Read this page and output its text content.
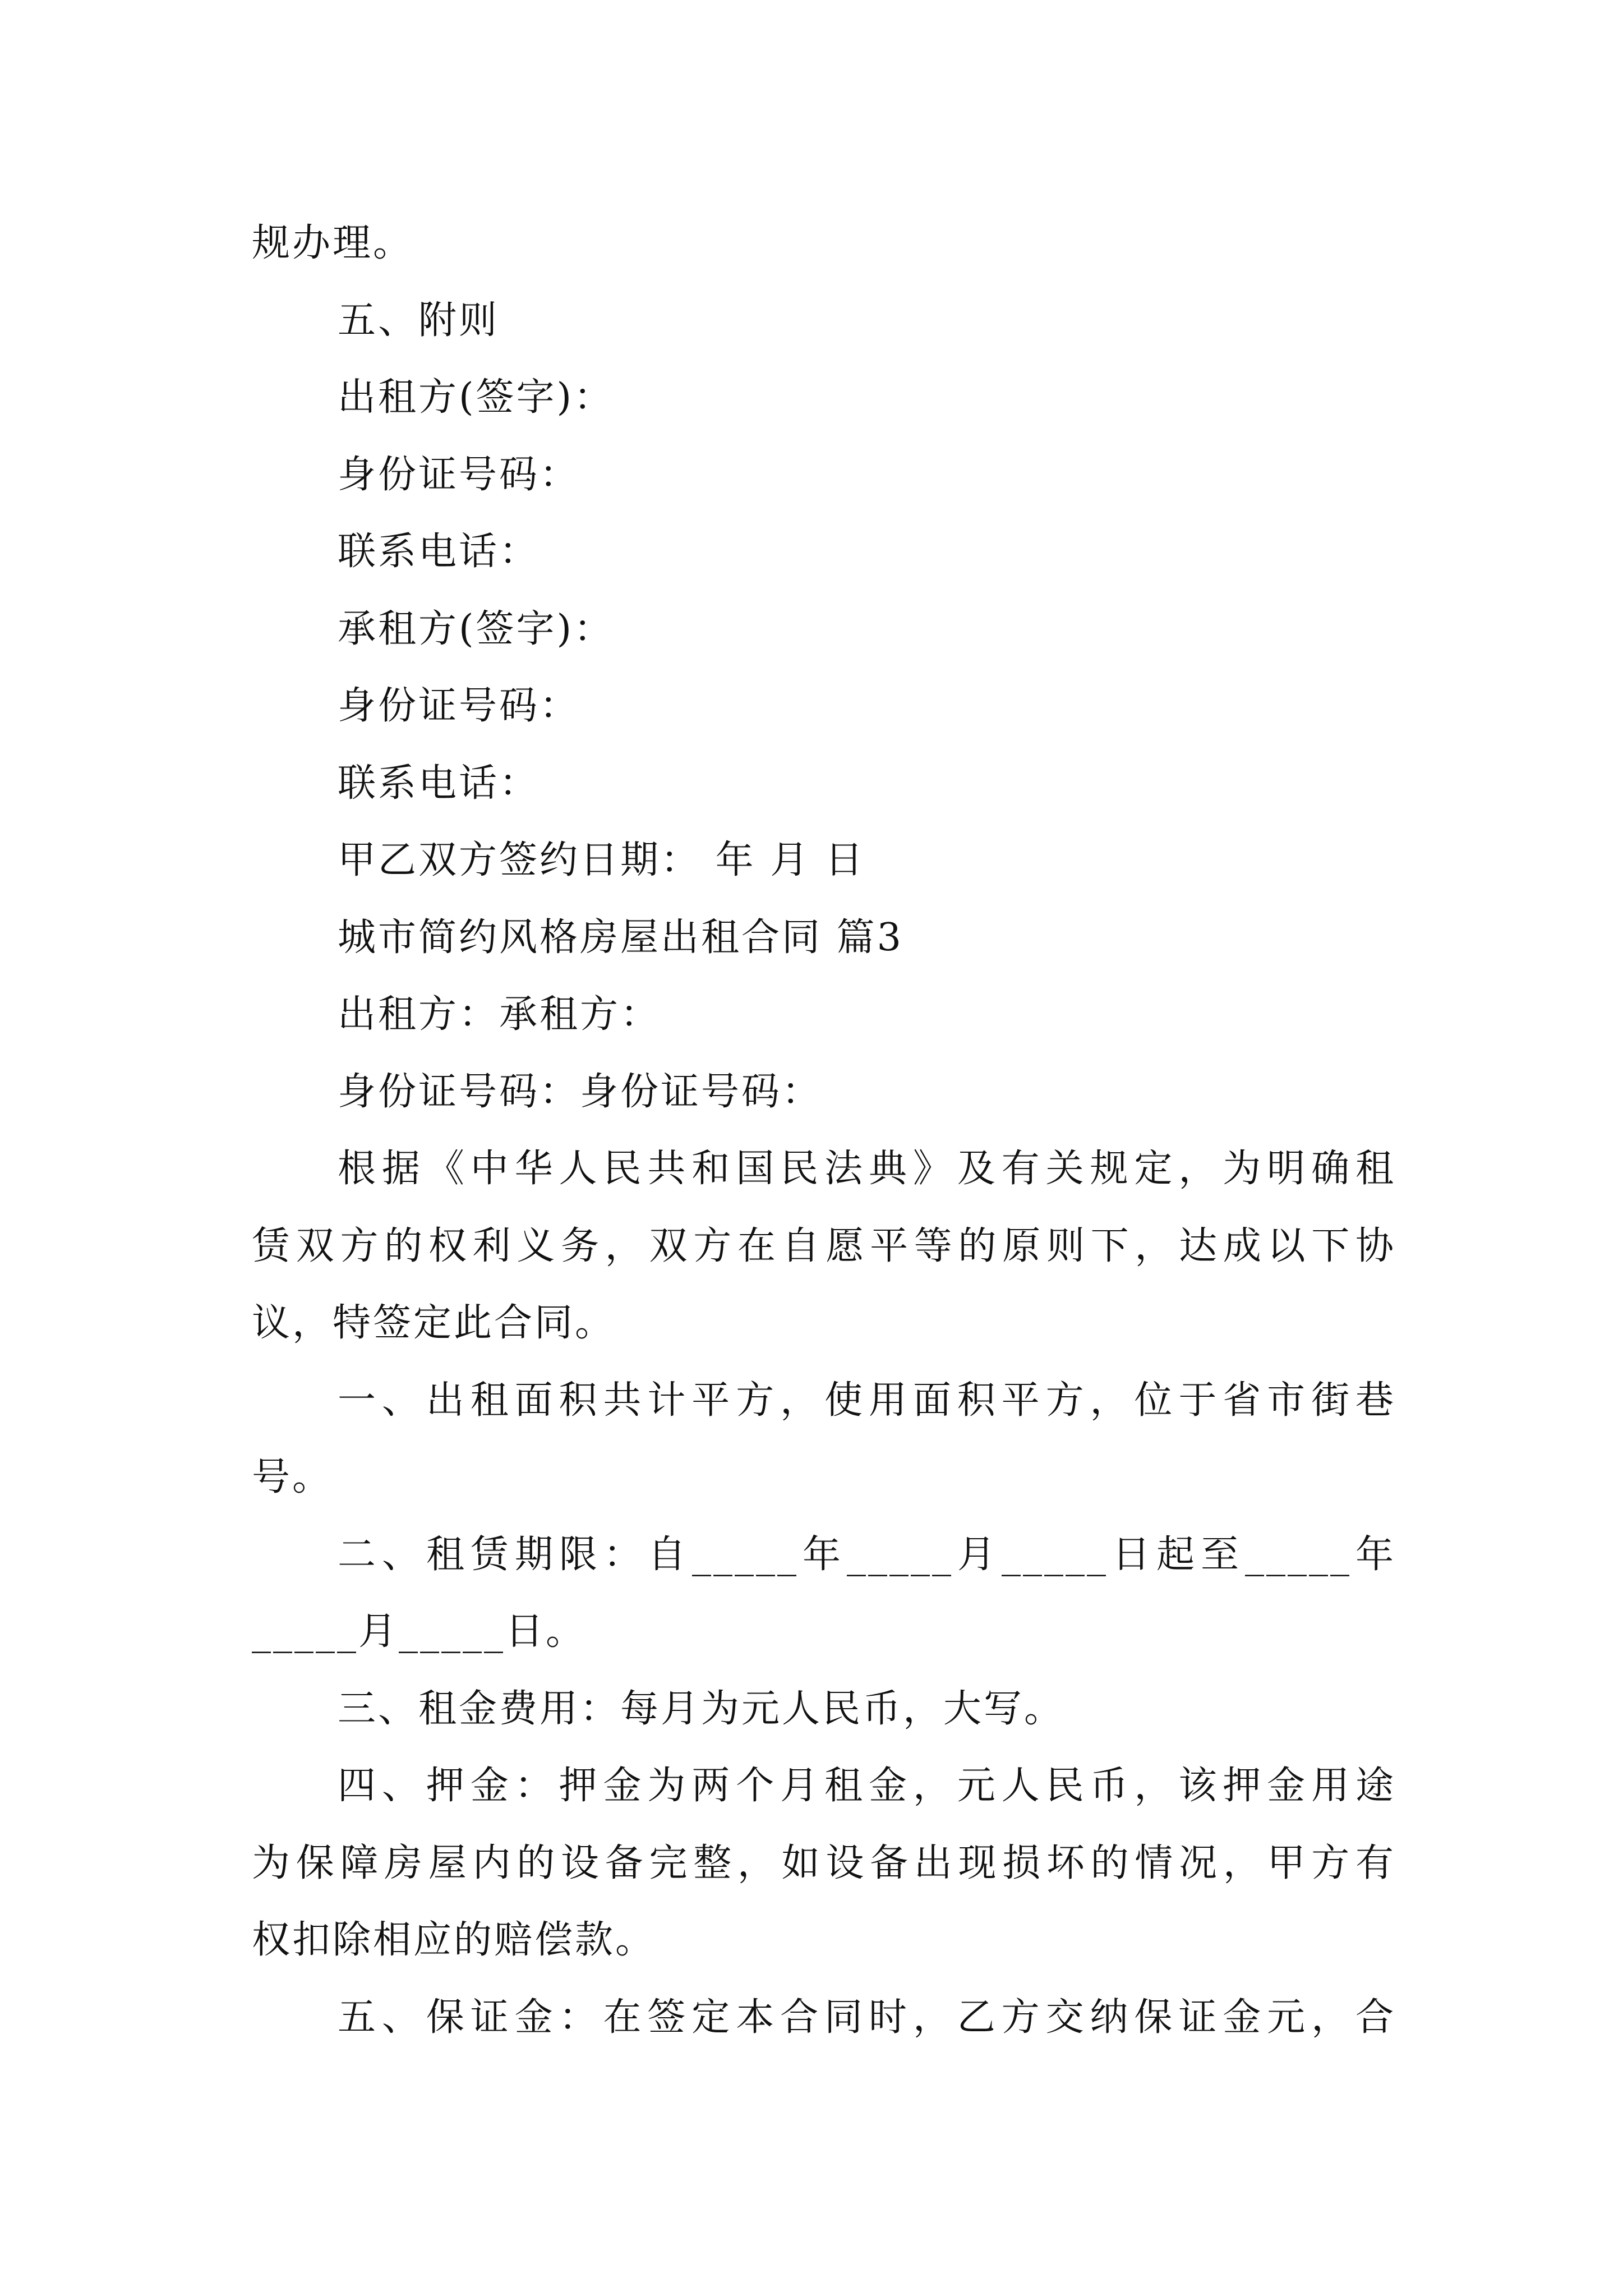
规办理。
五、附则
出租方(签字)：
身份证号码：
联系电话：
承租方(签字)：
身份证号码：
联系电话：
甲乙双方签约日期： 年 月 日
城市简约风格房屋出租合同 篇3
出租方：承租方：
身份证号码：身份证号码：
根据《中华人民共和国民法典》及有关规定，为明确租
赁双方的权利义务，双方在自愿平等的原则下，达成以下协
议，特签定此合同。
一、出租面积共计平方，使用面积平方，位于省市街巷
号。
二、租赁期限：自_____年_____月_____日起至_____年
_____月_____日。
三、租金费用：每月为元人民币，大写。
四、押金：押金为两个月租金，元人民币，该押金用途
为保障房屋内的设备完整，如设备出现损坏的情况，甲方有
权扣除相应的赔偿款。
五、保证金：在签定本合同时，乙方交纳保证金元，合
